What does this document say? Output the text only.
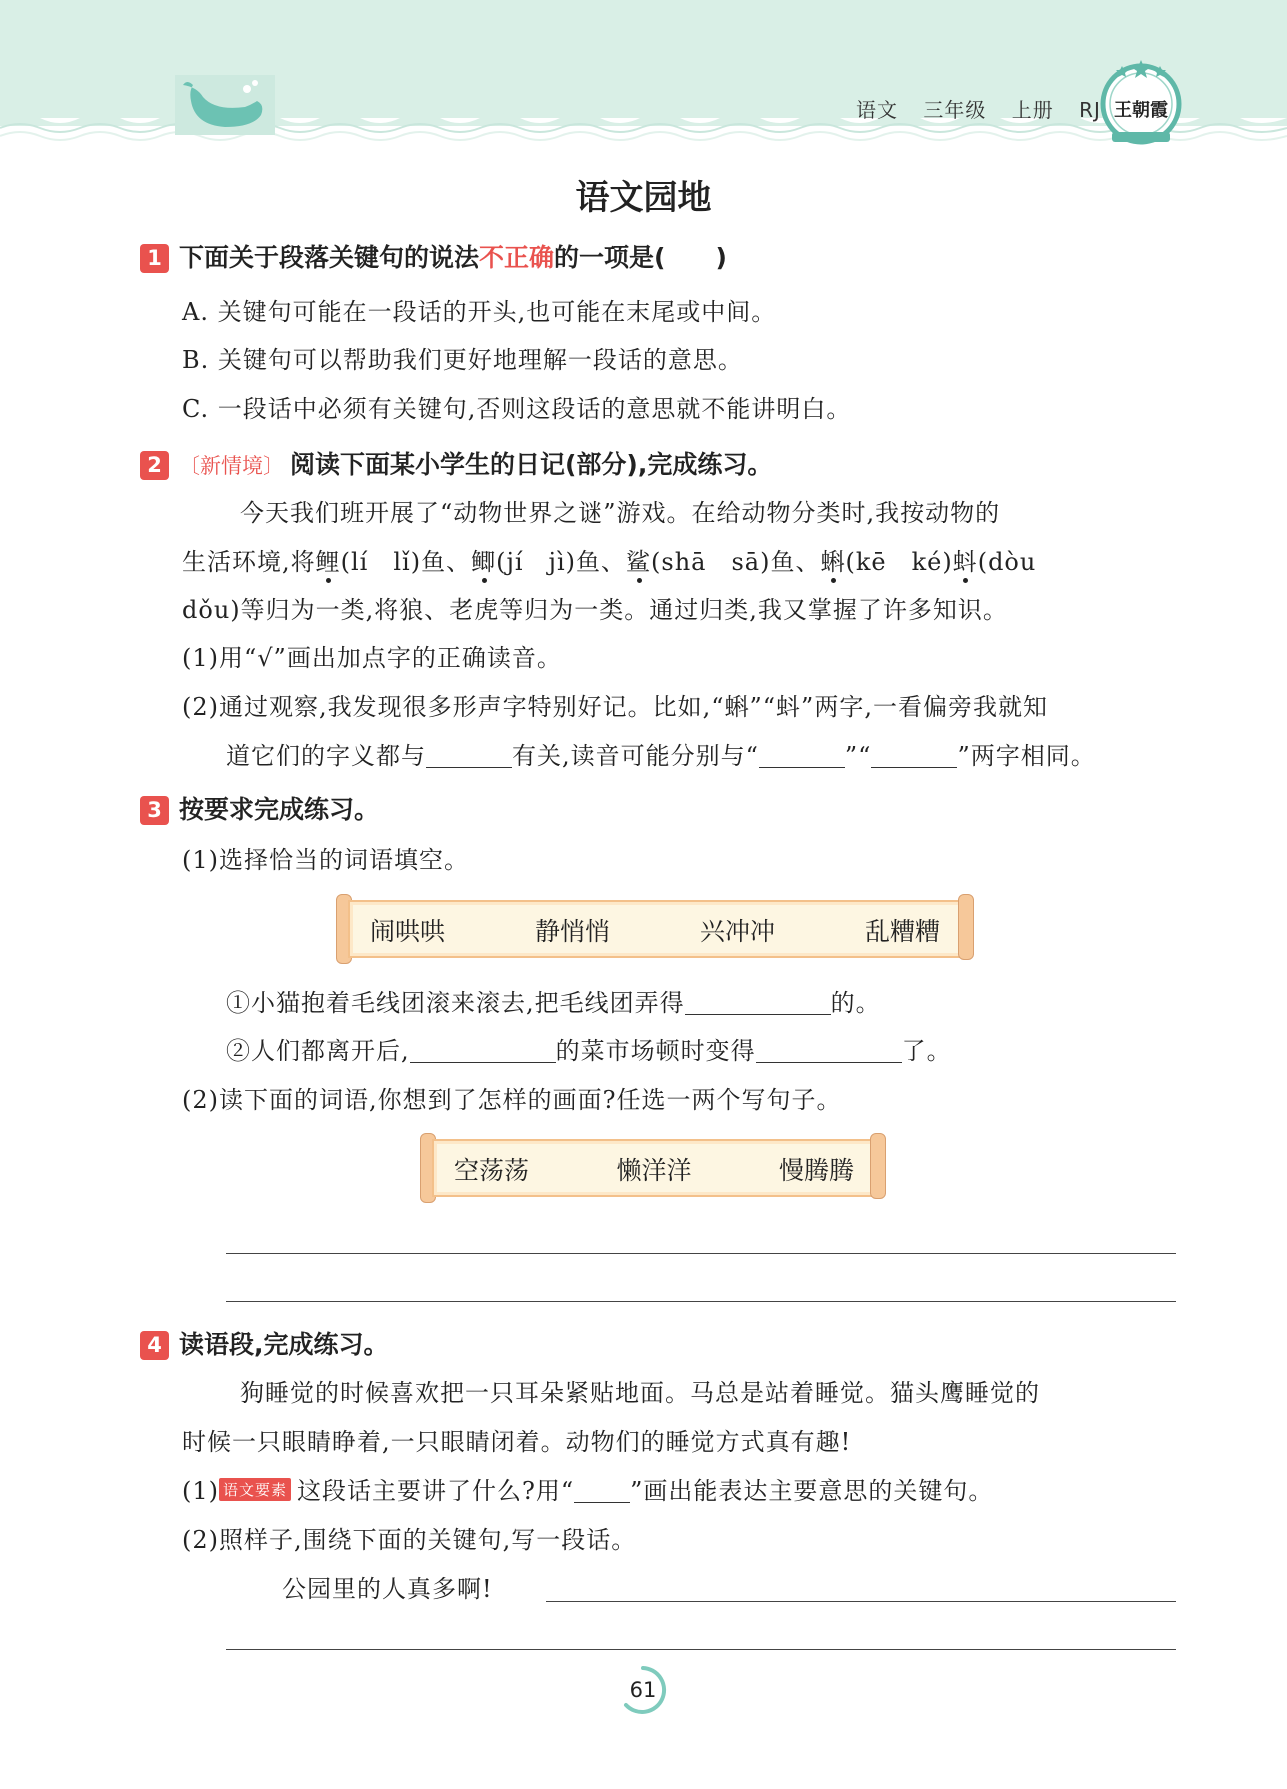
语文 三年级 上册 RJ 王朝霞
语文园地
1 下面关于段落关键句的说法不正确的一项是(　　)
A. 关键句可能在一段话的开头,也可能在末尾或中间。
B. 关键句可以帮助我们更好地理解一段话的意思。
C. 一段话中必须有关键句,否则这段话的意思就不能讲明白。
2 〔新情境〕 阅读下面某小学生的日记(部分),完成练习。
今天我们班开展了“动物世界之谜”游戏。在给动物分类时,我按动物的
生活环境,将鲤(lí　lǐ)鱼、鲫(jí　jì)鱼、鲨(shā　sā)鱼、蝌(kē　ké)蚪(dòu
dǒu)等归为一类,将狼、老虎等归为一类。通过归类,我又掌握了许多知识。
(1)用“√”画出加点字的正确读音。
(2)通过观察,我发现很多形声字特别好记。比如,“蝌”“蚪”两字,一看偏旁我就知
道它们的字义都与	有关,读音可能分别与“	”“	”两字相同。
3 按要求完成练习。
(1)选择恰当的词语填空。
闹哄哄	静悄悄	兴冲冲	乱糟糟
①小猫抱着毛线团滚来滚去,把毛线团弄得	的。
②人们都离开后,	的菜市场顿时变得	了。
(2)读下面的词语,你想到了怎样的画面?任选一两个写句子。
空荡荡	懒洋洋	慢腾腾
4 读语段,完成练习。
狗睡觉的时候喜欢把一只耳朵紧贴地面。马总是站着睡觉。猫头鹰睡觉的
时候一只眼睛睁着,一只眼睛闭着。动物们的睡觉方式真有趣!
(1) 语文要素 这段话主要讲了什么?用“ ”画出能表达主要意思的关键句。
(2)照样子,围绕下面的关键句,写一段话。
公园里的人真多啊!
61
